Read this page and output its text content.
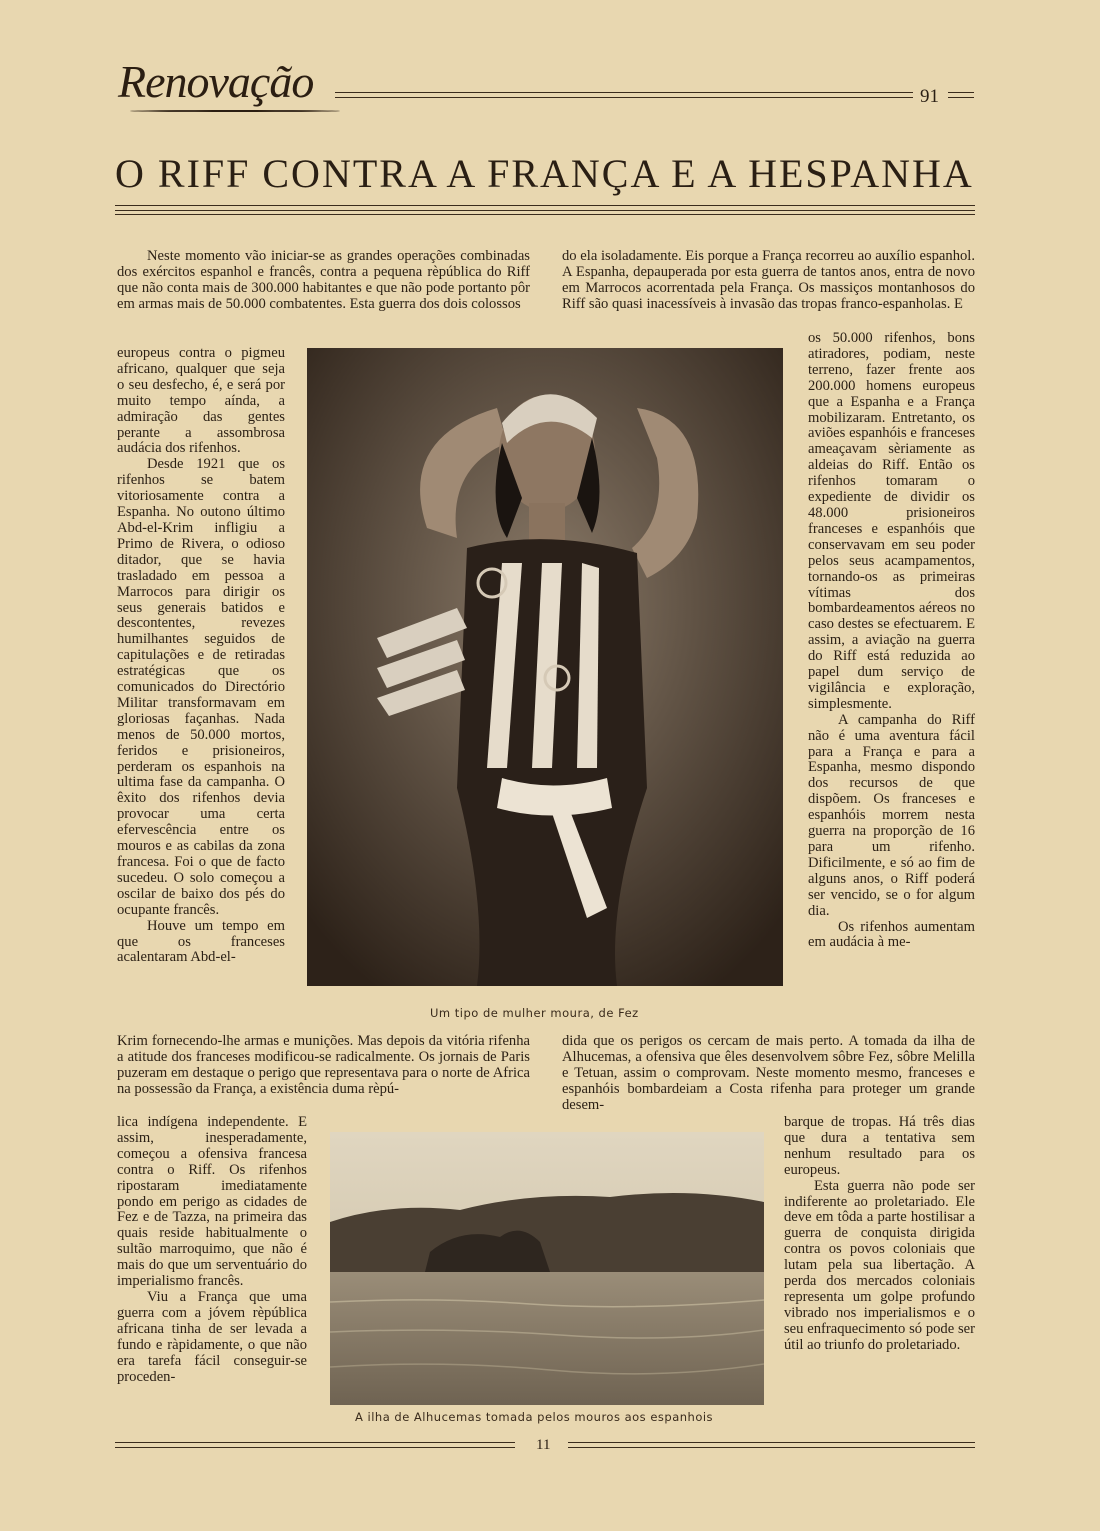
Renovação	91
O RIFF CONTRA A FRANÇA E A HESPANHA

Neste momento vão iniciar-se as grandes operações combinadas dos exércitos espanhol e francês, contra a pequena rèpública do Riff que não conta mais de 300.000 habitantes e que não pode portanto pôr em armas mais de 50.000 combatentes. Esta guerra dos dois colossos

do ela isoladamente. Eis porque a França recorreu ao auxílio espanhol. A Espanha, depauperada por esta guerra de tantos anos, entra de novo em Marrocos acorrentada pela França. Os massiços montanhosos do Riff são quasi inacessíveis à invasão das tropas franco-espanholas. E

europeus contra o pigmeu africano, qualquer que seja o seu desfecho, é, e será por muito tempo aínda, a admiração das gentes perante a assombrosa audácia dos rifenhos.

Desde 1921 que os rifenhos se batem vitoriosamente contra a Espanha. No outono último Abd-el-Krim infligiu a Primo de Rivera, o odioso ditador, que se havia trasladado em pessoa a Marrocos para dirigir os seus generais batidos e descontentes, revezes humilhantes seguidos de capitulações e de retiradas estratégicas que os comunicados do Directório Militar transformavam em gloriosas façanhas. Nada menos de 50.000 mortos, feridos e prisioneiros, perderam os espanhois na ultima fase da campanha. O êxito dos rifenhos devia provocar uma certa efervescência entre os mouros e as cabilas da zona francesa. Foi o que de facto sucedeu. O solo começou a oscilar de baixo dos pés do ocupante francês.

Houve um tempo em que os franceses acalentaram Abd-el-

os 50.000 rifenhos, bons atiradores, podiam, neste terreno, fazer frente aos 200.000 homens europeus que a Espanha e a França mobilizaram. Entretanto, os aviões espanhóis e franceses ameaçavam sèriamente as aldeias do Riff. Então os rifenhos tomaram o expediente de dividir os 48.000 prisioneiros franceses e espanhóis que conservavam em seu poder pelos seus acampamentos, tornando-os as primeiras vítimas dos bombardeamentos aéreos no caso destes se efectuarem. E assim, a aviação na guerra do Riff está reduzida ao papel dum serviço de vigilância e exploração, simplesmente.

A campanha do Riff não é uma aventura fácil para a França e para a Espanha, mesmo dispondo dos recursos de que dispõem. Os franceses e espanhóis morrem nesta guerra na proporção de 16 para um rifenho. Dificilmente, e só ao fim de alguns anos, o Riff poderá ser vencido, se o for algum dia.

Os rifenhos aumentam em audácia à me-

Um tipo de mulher moura, de Fez

Krim fornecendo-lhe armas e munições. Mas depois da vitória rifenha a atitude dos franceses modificou-se radicalmente. Os jornais de Paris puzeram em destaque o perigo que representava para o norte de Africa na possessão da França, a existência duma rèpú-

dida que os perigos os cercam de mais perto. A tomada da ilha de Alhucemas, a ofensiva que êles desenvolvem sôbre Fez, sôbre Melilla e Tetuan, assim o comprovam. Neste momento mesmo, franceses e espanhóis bombardeiam a Costa rifenha para proteger um grande desem-

lica indígena independente. E assim, inesperadamente, começou a ofensiva francesa contra o Riff. Os rifenhos ripostaram imediatamente pondo em perigo as cidades de Fez e de Tazza, na primeira das quais reside habitualmente o sultão marroquimo, que não é mais do que um serventuário do imperialismo francês.

Viu a França que uma guerra com a jóvem rèpública africana tinha de ser levada a fundo e ràpidamente, o que não era tarefa fácil conseguir-se proceden-

barque de tropas. Há três dias que dura a tentativa sem nenhum resultado para os europeus.

Esta guerra não pode ser indiferente ao proletariado. Ele deve em tôda a parte hostilisar a guerra de conquista dirigida contra os povos coloniais que lutam pela sua libertação. A perda dos mercados coloniais representa um golpe profundo vibrado nos imperialismos e o seu enfraquecimento só pode ser útil ao triunfo do proletariado.

A ilha de Alhucemas tomada pelos mouros aos espanhois
11
